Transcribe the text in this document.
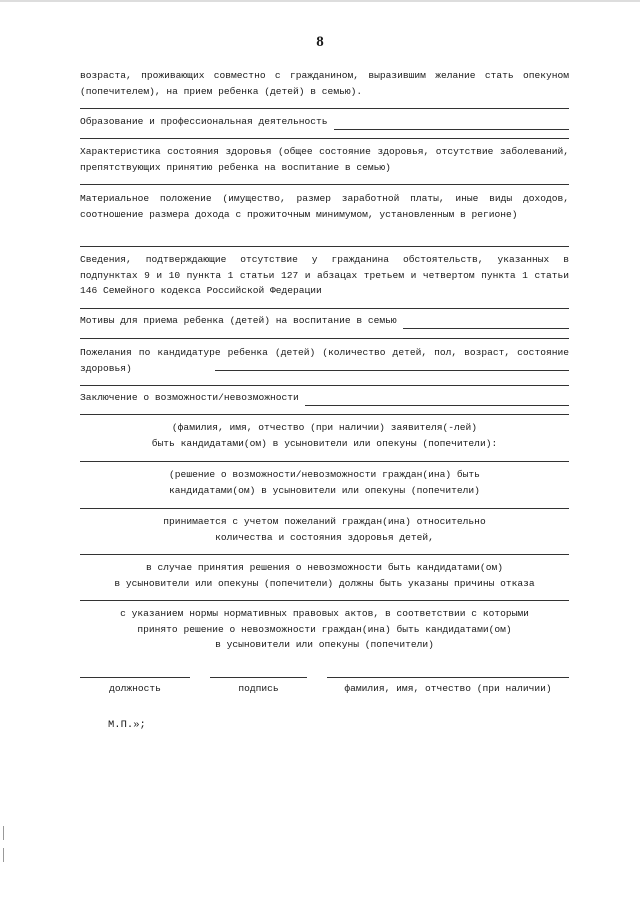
8
возраста, проживающих совместно с гражданином, выразившим желание стать опекуном (попечителем), на прием ребенка (детей) в семью).
Образование и профессиональная деятельность
Характеристика состояния здоровья (общее состояние здоровья, отсутствие заболеваний, препятствующих принятию ребенка на воспитание в семью)
Материальное положение (имущество, размер заработной платы, иные виды доходов, соотношение размера дохода с прожиточным минимумом, установленным в регионе)
Сведения, подтверждающие отсутствие у гражданина обстоятельств, указанных в подпунктах 9 и 10 пункта 1 статьи 127 и абзацах третьем и четвертом пункта 1 статьи 146 Семейного кодекса Российской Федерации
Мотивы для приема ребенка (детей) на воспитание в семью
Пожелания по кандидатуре ребенка (детей) (количество детей, пол, возраст, состояние здоровья)
Заключение о возможности/невозможности
(фамилия, имя, отчество (при наличии) заявителя(-лей)
быть кандидатами(ом) в усыновители или опекуны (попечители):
(решение о возможности/невозможности граждан(ина) быть
кандидатами(ом) в усыновители или опекуны (попечители)
принимается с учетом пожеланий граждан(ина) относительно
количества и состояния здоровья детей,
в случае принятия решения о невозможности быть кандидатами(ом)
в усыновители или опекуны (попечители) должны быть указаны причины отказа
с указанием нормы нормативных правовых актов, в соответствии с которыми
принято решение о невозможности граждан(ина) быть кандидатами(ом)
в усыновители или опекуны (попечители)
должность	подпись	фамилия, имя, отчество (при наличии)
М.П.»;
